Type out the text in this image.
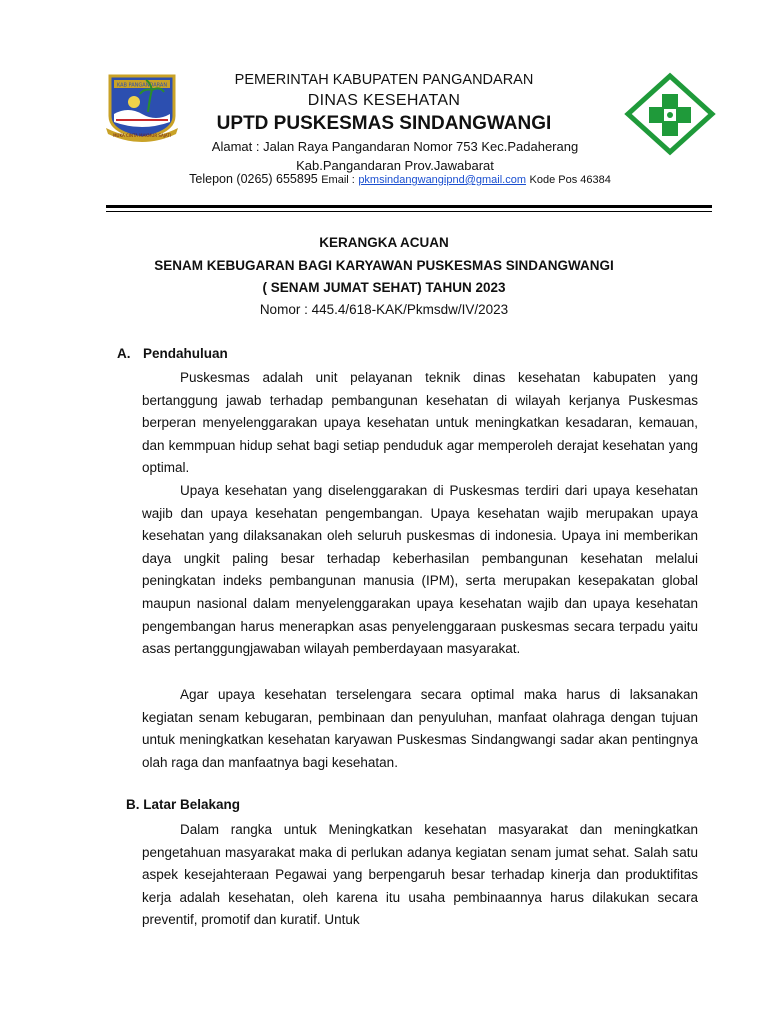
KAB PANGANDARAN
MUKA CINTA MAKMUR SAJATI
PEMERINTAH KABUPATEN PANGANDARAN
DINAS KESEHATAN
UPTD PUSKESMAS SINDANGWANGI
Alamat : Jalan Raya Pangandaran Nomor 753 Kec.Padaherang
Kab.Pangandaran Prov.Jawabarat
Telepon (0265) 655895 Email : pkmsindangwangipnd@gmail.com Kode Pos 46384
KERANGKA ACUAN
SENAM KEBUGARAN BAGI KARYAWAN PUSKESMAS SINDANGWANGI
( SENAM JUMAT SEHAT) TAHUN 2023
Nomor : 445.4/618-KAK/Pkmsdw/IV/2023
A. Pendahuluan
Puskesmas adalah unit pelayanan teknik dinas kesehatan kabupaten yang bertanggung jawab terhadap pembangunan kesehatan di wilayah kerjanya Puskesmas berperan menyelenggarakan upaya kesehatan untuk meningkatkan kesadaran, kemauan, dan kemmpuan hidup sehat bagi setiap penduduk agar memperoleh derajat kesehatan yang optimal.
Upaya kesehatan yang diselenggarakan di Puskesmas terdiri dari upaya kesehatan wajib dan upaya kesehatan pengembangan. Upaya kesehatan wajib merupakan upaya kesehatan yang dilaksanakan oleh seluruh puskesmas di indonesia. Upaya ini memberikan daya ungkit paling besar terhadap keberhasilan pembangunan kesehatan melalui peningkatan indeks pembangunan manusia (IPM), serta merupakan kesepakatan global maupun nasional dalam menyelenggarakan upaya kesehatan wajib dan upaya kesehatan pengembangan harus menerapkan asas penyelenggaraan puskesmas secara terpadu yaitu asas pertanggungjawaban wilayah pemberdayaan masyarakat.
Agar upaya kesehatan terselengara secara optimal maka harus di laksanakan kegiatan senam kebugaran, pembinaan dan penyuluhan, manfaat olahraga dengan tujuan untuk meningkatkan kesehatan karyawan Puskesmas Sindangwangi sadar akan pentingnya olah raga dan manfaatnya bagi kesehatan.
B. Latar Belakang
Dalam rangka untuk Meningkatkan kesehatan masyarakat dan meningkatkan pengetahuan masyarakat maka di perlukan adanya kegiatan senam jumat sehat. Salah satu aspek kesejahteraan Pegawai yang berpengaruh besar terhadap kinerja dan produktifitas kerja adalah kesehatan, oleh karena itu usaha pembinaannya harus dilakukan secara preventif, promotif dan kuratif. Untuk
